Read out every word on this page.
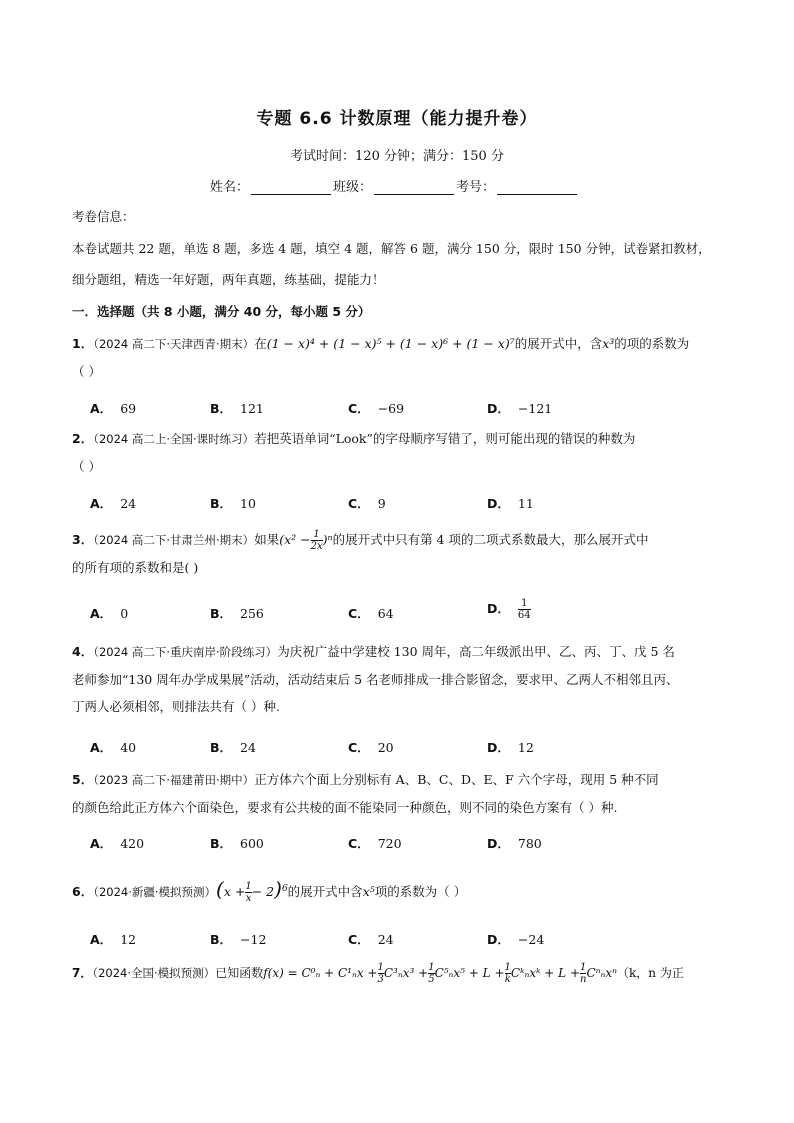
专题 6.6 计数原理（能力提升卷）
考试时间：120 分钟；满分：150 分
姓名：	班级：	考号：
考卷信息：
本卷试题共 22 题，单选 8 题，多选 4 题，填空 4 题，解答 6 题，满分 150 分，限时 150 分钟，试卷紧扣教材，
细分题组，精选一年好题，两年真题，练基础，提能力！
一．选择题（共 8 小题，满分 40 分，每小题 5 分）
1．（2024 高二下·天津西青·期末）在(1 − x)⁴ + (1 − x)⁵ + (1 − x)⁶ + (1 − x)⁷的展开式中，含x³的项的系数为
（ ）
A． 69	B． 121	C． −69	D． −121
2．（2024 高二上·全国·课时练习）若把英语单词“Look”的字母顺序写错了，则可能出现的错误的种数为
（ ）
A． 24	B． 10	C． 9	D． 11
3．（2024 高二下·甘肃兰州·期末）如果$(x^2 - \frac{1}{2x} )^n$的展开式中只有第 4 项的二项式系数最大，那么展开式中
的所有项的系数和是( )
A． 0	B． 256	C． 64	D． $\frac{1}{64}$
4．（2024 高二下·重庆南岸·阶段练习）为庆祝广益中学建校 130 周年，高二年级派出甲、乙、丙、丁、戊 5 名
老师参加“130 周年办学成果展”活动，活动结束后 5 名老师排成一排合影留念，要求甲、乙两人不相邻且丙、
丁两人必须相邻，则排法共有（ ）种.
A． 40	B． 24	C． 20	D． 12
5．（2023 高二下·福建莆田·期中）正方体六个面上分别标有 A、B、C、D、E、F 六个字母，现用 5 种不同
的颜色给此正方体六个面染色，要求有公共棱的面不能染同一种颜色，则不同的染色方案有（ ）种.
A． 420	B． 600	C． 720	D． 780
6．（2024·新疆·模拟预测）$(x + \frac{1}{x} - 2)^6$的展开式中含x⁵项的系数为（ ）
A． 12	B． −12	C． 24	D． −24
7．（2024·全国·模拟预测）已知函数$f(x) = C^0_n + C^1_nx + \frac{1}{3} C^3_nx^3 + \frac{1}{5} C^5_nx^5 + L + \frac{1}{k}$ Cᵏₙxᵏ + $L + \frac{1}{n} C^n_nx^n(k$，n 为正
